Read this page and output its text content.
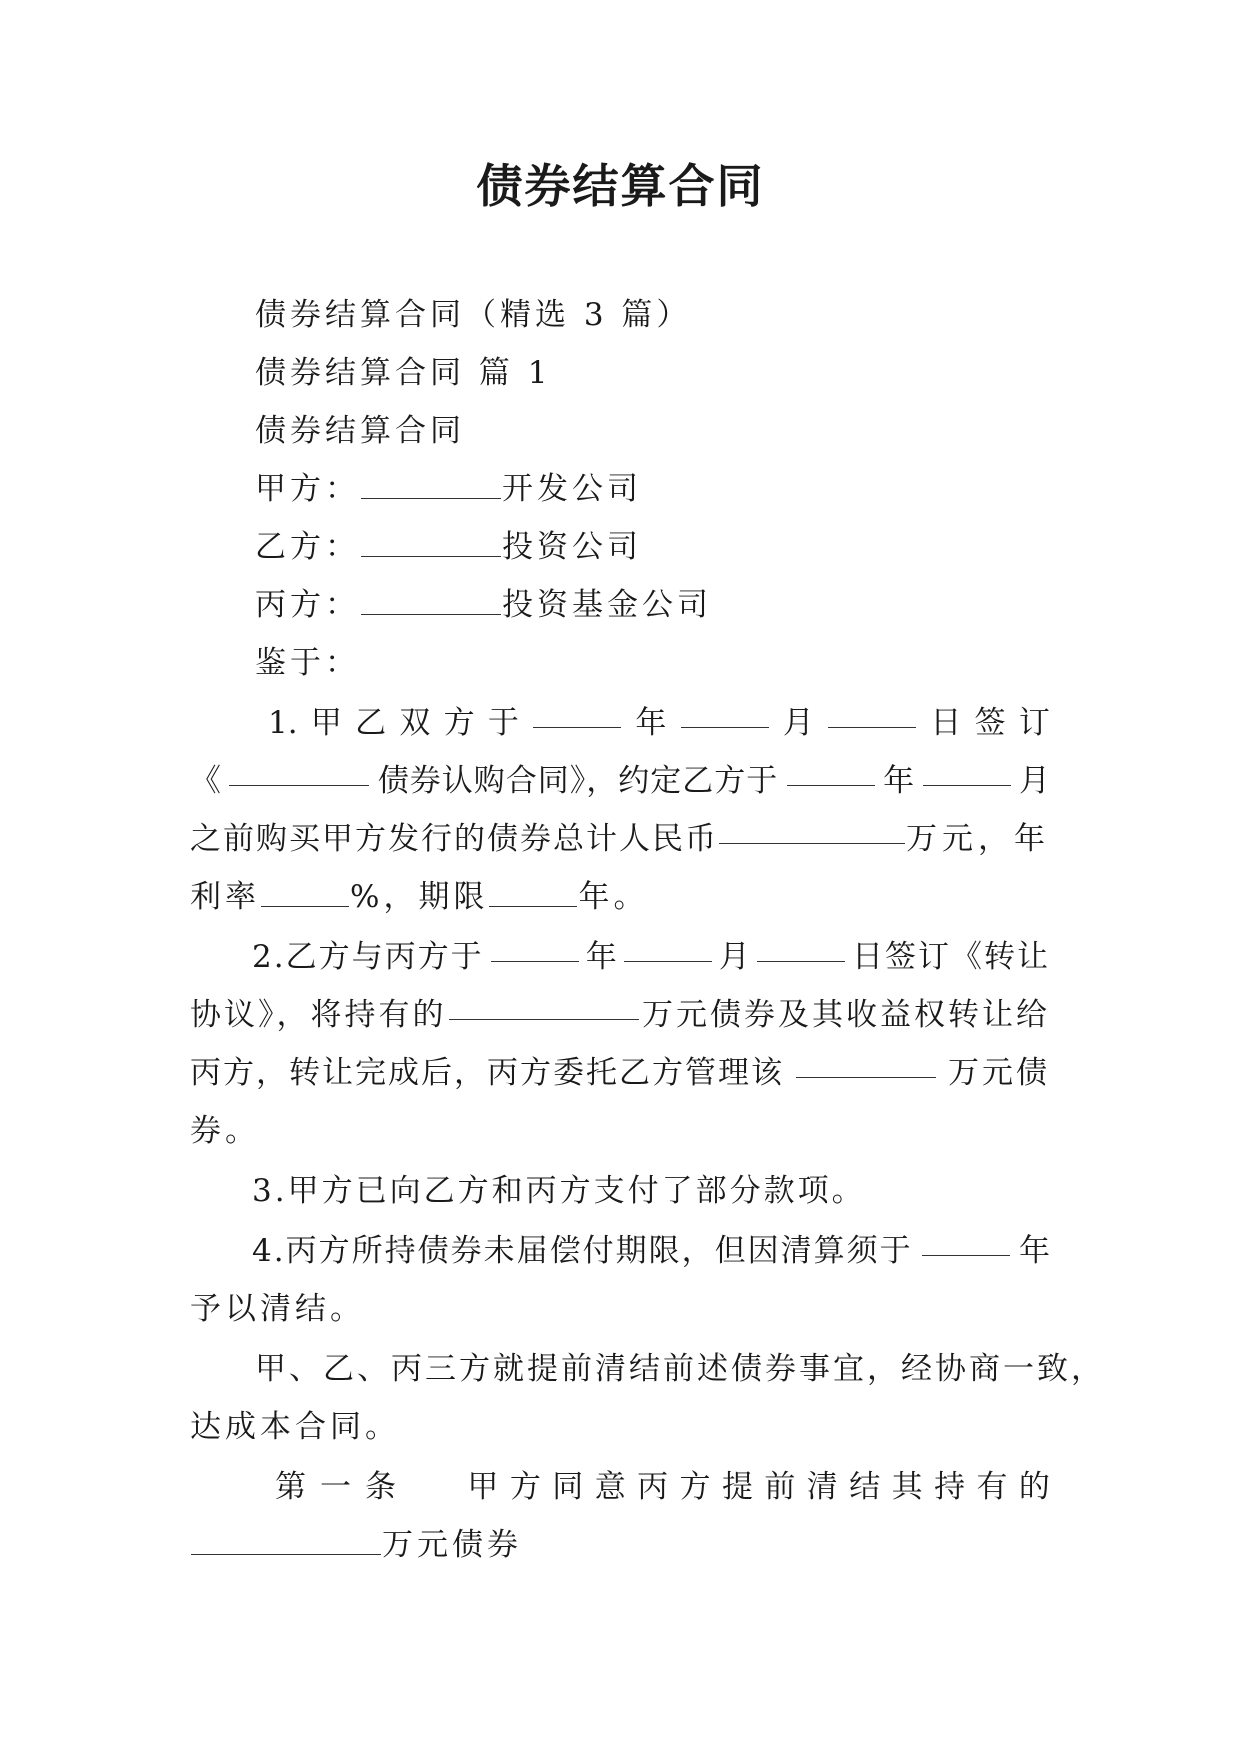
债券结算合同
债券结算合同（精选 3 篇）
债券结算合同 篇 1
债券结算合同
甲方：	开发公司
乙方：	投资公司
丙方：	投资基金公司
鉴于：
1. 甲 乙 双 方 于	年	月	日 签 订
《	债券认购合同》，约定乙方于	年	月
之前购买甲方发行的债券总计人民币	万元，年
利率	%，期限	年。
2.乙方与丙方于	年	月	日签订《转让
协议》，将持有的	万元债券及其收益权转让给
丙方，转让完成后，丙方委托乙方管理该	万元债
券。
3.甲方已向乙方和丙方支付了部分款项。
4.丙方所持债券未届偿付期限，但因清算须于	年
予以清结。
甲、乙、丙三方就提前清结前述债券事宜，经协商一致，
达成本合同。
第一条 甲 方 同 意 丙 方 提 前 清 结 其 持 有 的
万元债券
